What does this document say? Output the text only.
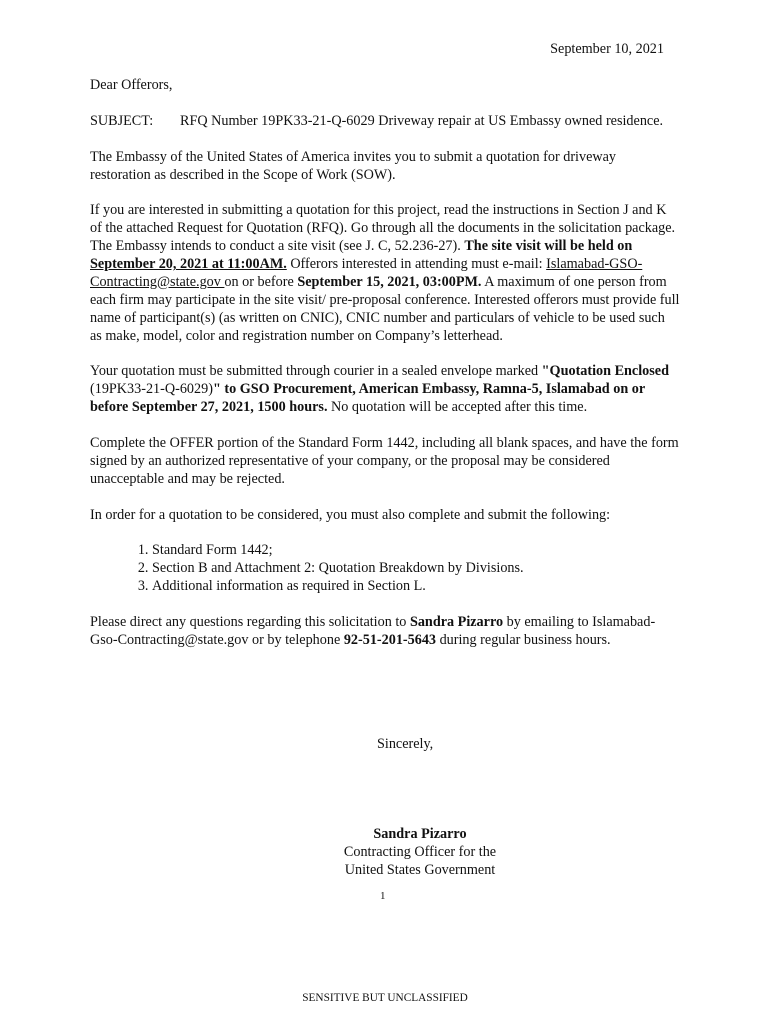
September 10, 2021

Dear Offerors,

SUBJECT: RFQ Number 19PK33-21-Q-6029 Driveway repair at US Embassy owned residence.

The Embassy of the United States of America invites you to submit a quotation for driveway restoration as described in the Scope of Work (SOW).

If you are interested in submitting a quotation for this project, read the instructions in Section J and K of the attached Request for Quotation (RFQ). Go through all the documents in the solicitation package. The Embassy intends to conduct a site visit (see J. C, 52.236-27). The site visit will be held on September 20, 2021 at 11:00AM. Offerors interested in attending must e-mail: Islamabad-GSO-Contracting@state.gov on or before September 15, 2021, 03:00PM. A maximum of one person from each firm may participate in the site visit/ pre-proposal conference. Interested offerors must provide full name of participant(s) (as written on CNIC), CNIC number and particulars of vehicle to be used such as make, model, color and registration number on Company’s letterhead.

Your quotation must be submitted through courier in a sealed envelope marked "Quotation Enclosed (19PK33-21-Q-6029)" to GSO Procurement, American Embassy, Ramna-5, Islamabad on or before September 27, 2021, 1500 hours. No quotation will be accepted after this time.

Complete the OFFER portion of the Standard Form 1442, including all blank spaces, and have the form signed by an authorized representative of your company, or the proposal may be considered unacceptable and may be rejected.

In order for a quotation to be considered, you must also complete and submit the following:

1. Standard Form 1442;
2. Section B and Attachment 2: Quotation Breakdown by Divisions.
3. Additional information as required in Section L.

Please direct any questions regarding this solicitation to Sandra Pizarro by emailing to Islamabad-Gso-Contracting@state.gov or by telephone 92-51-201-5643 during regular business hours.

Sincerely,
Sandra Pizarro
Contracting Officer for the
United States Government
1
SENSITIVE BUT UNCLASSIFIED
